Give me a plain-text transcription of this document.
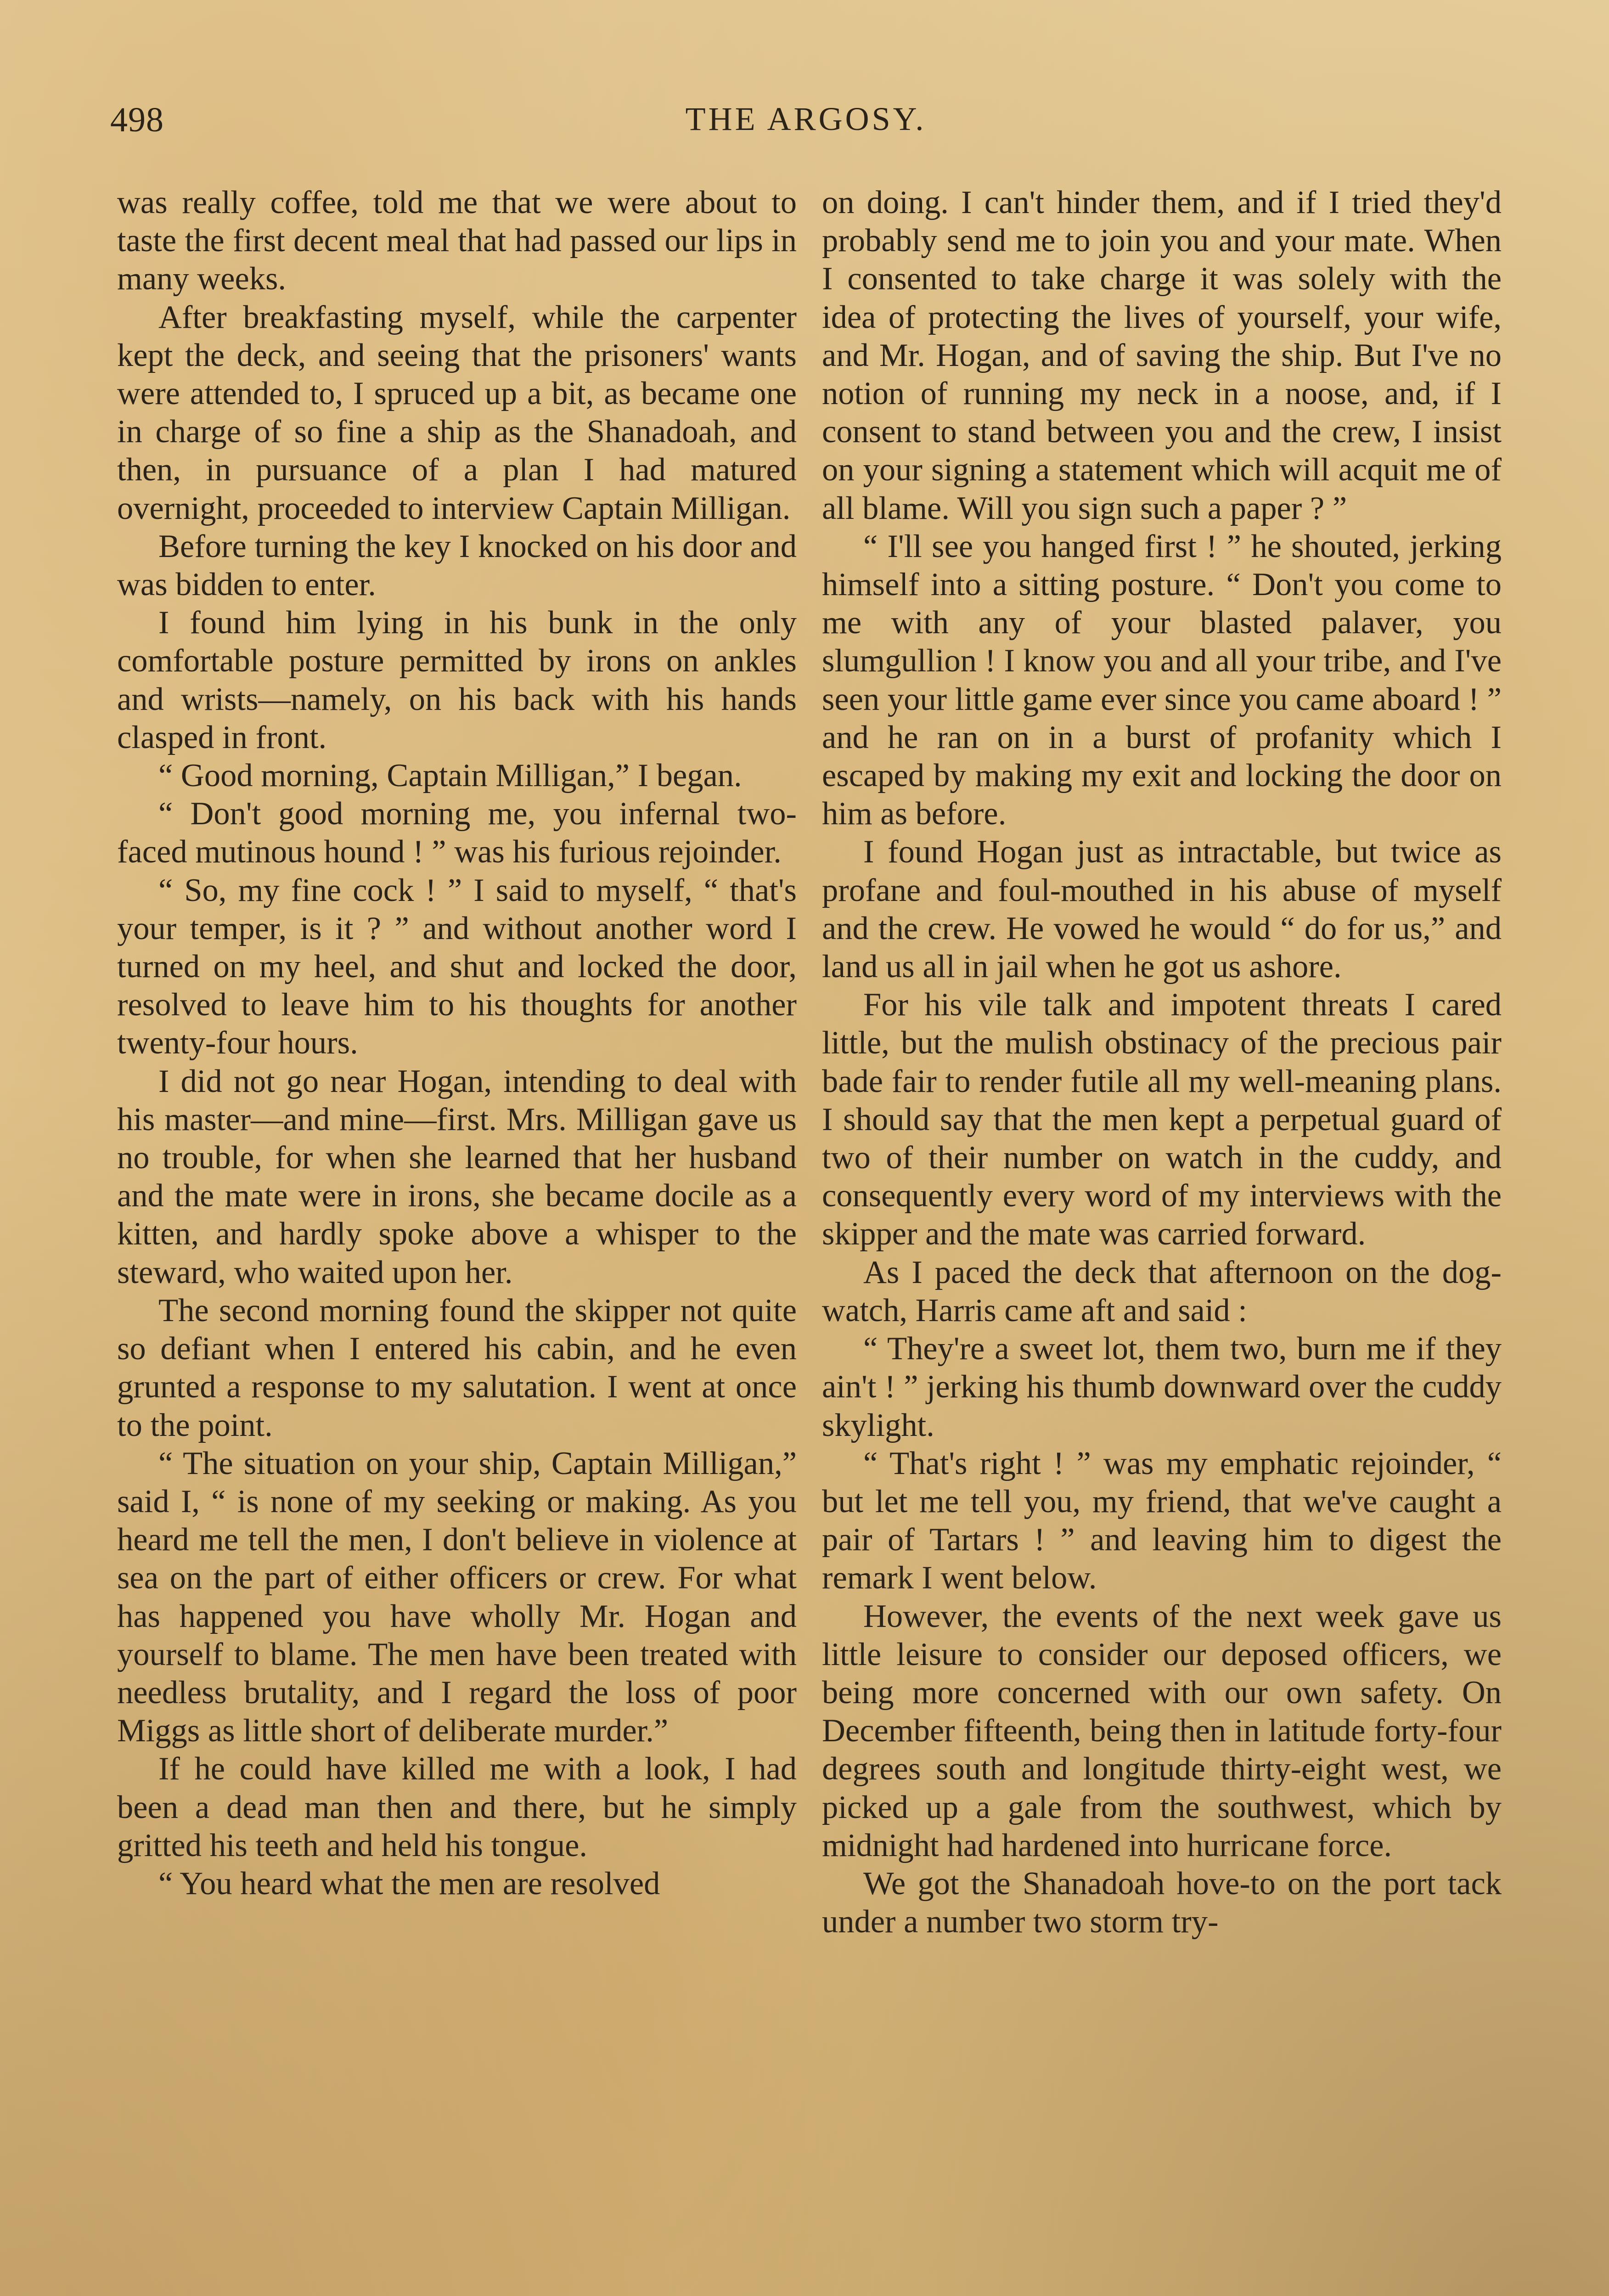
498	THE ARGOSY.

was really coffee, told me that we were about to taste the first decent meal that had passed our lips in many weeks.

After breakfasting myself, while the carpenter kept the deck, and seeing that the prisoners' wants were attended to, I spruced up a bit, as became one in charge of so fine a ship as the Shanadoah, and then, in pursuance of a plan I had matured overnight, proceeded to interview Captain Milligan.

Before turning the key I knocked on his door and was bidden to enter.

I found him lying in his bunk in the only comfortable posture permitted by irons on ankles and wrists—namely, on his back with his hands clasped in front.

“ Good morning, Captain Milligan,” I began.

“ Don't good morning me, you infernal two-faced mutinous hound ! ” was his furious rejoinder.

“ So, my fine cock ! ” I said to myself, “ that's your temper, is it ? ” and without another word I turned on my heel, and shut and locked the door, resolved to leave him to his thoughts for another twenty-four hours.

I did not go near Hogan, intending to deal with his master—and mine—first. Mrs. Milligan gave us no trouble, for when she learned that her husband and the mate were in irons, she became docile as a kitten, and hardly spoke above a whisper to the steward, who waited upon her.

The second morning found the skipper not quite so defiant when I entered his cabin, and he even grunted a response to my salutation. I went at once to the point.

“ The situation on your ship, Captain Milligan,” said I, “ is none of my seeking or making. As you heard me tell the men, I don't believe in violence at sea on the part of either officers or crew. For what has happened you have wholly Mr. Hogan and yourself to blame. The men have been treated with needless brutality, and I regard the loss of poor Miggs as little short of deliberate murder.”

If he could have killed me with a look, I had been a dead man then and there, but he simply gritted his teeth and held his tongue.

“ You heard what the men are resolved

on doing. I can't hinder them, and if I tried they'd probably send me to join you and your mate. When I consented to take charge it was solely with the idea of protecting the lives of yourself, your wife, and Mr. Hogan, and of saving the ship. But I've no notion of running my neck in a noose, and, if I consent to stand between you and the crew, I insist on your signing a statement which will acquit me of all blame. Will you sign such a paper ? ”

“ I'll see you hanged first ! ” he shouted, jerking himself into a sitting posture. “ Don't you come to me with any of your blasted palaver, you slumgullion ! I know you and all your tribe, and I've seen your little game ever since you came aboard ! ” and he ran on in a burst of profanity which I escaped by making my exit and locking the door on him as before.

I found Hogan just as intractable, but twice as profane and foul-mouthed in his abuse of myself and the crew. He vowed he would “ do for us,” and land us all in jail when he got us ashore.

For his vile talk and impotent threats I cared little, but the mulish obstinacy of the precious pair bade fair to render futile all my well-meaning plans. I should say that the men kept a perpetual guard of two of their number on watch in the cuddy, and consequently every word of my interviews with the skipper and the mate was carried forward.

As I paced the deck that afternoon on the dog-watch, Harris came aft and said :

“ They're a sweet lot, them two, burn me if they ain't ! ” jerking his thumb downward over the cuddy skylight.

“ That's right ! ” was my emphatic rejoinder, “ but let me tell you, my friend, that we've caught a pair of Tartars ! ” and leaving him to digest the remark I went below.

However, the events of the next week gave us little leisure to consider our deposed officers, we being more concerned with our own safety. On December fifteenth, being then in latitude forty-four degrees south and longitude thirty-eight west, we picked up a gale from the southwest, which by midnight had hardened into hurricane force.

We got the Shanadoah hove-to on the port tack under a number two storm try-
